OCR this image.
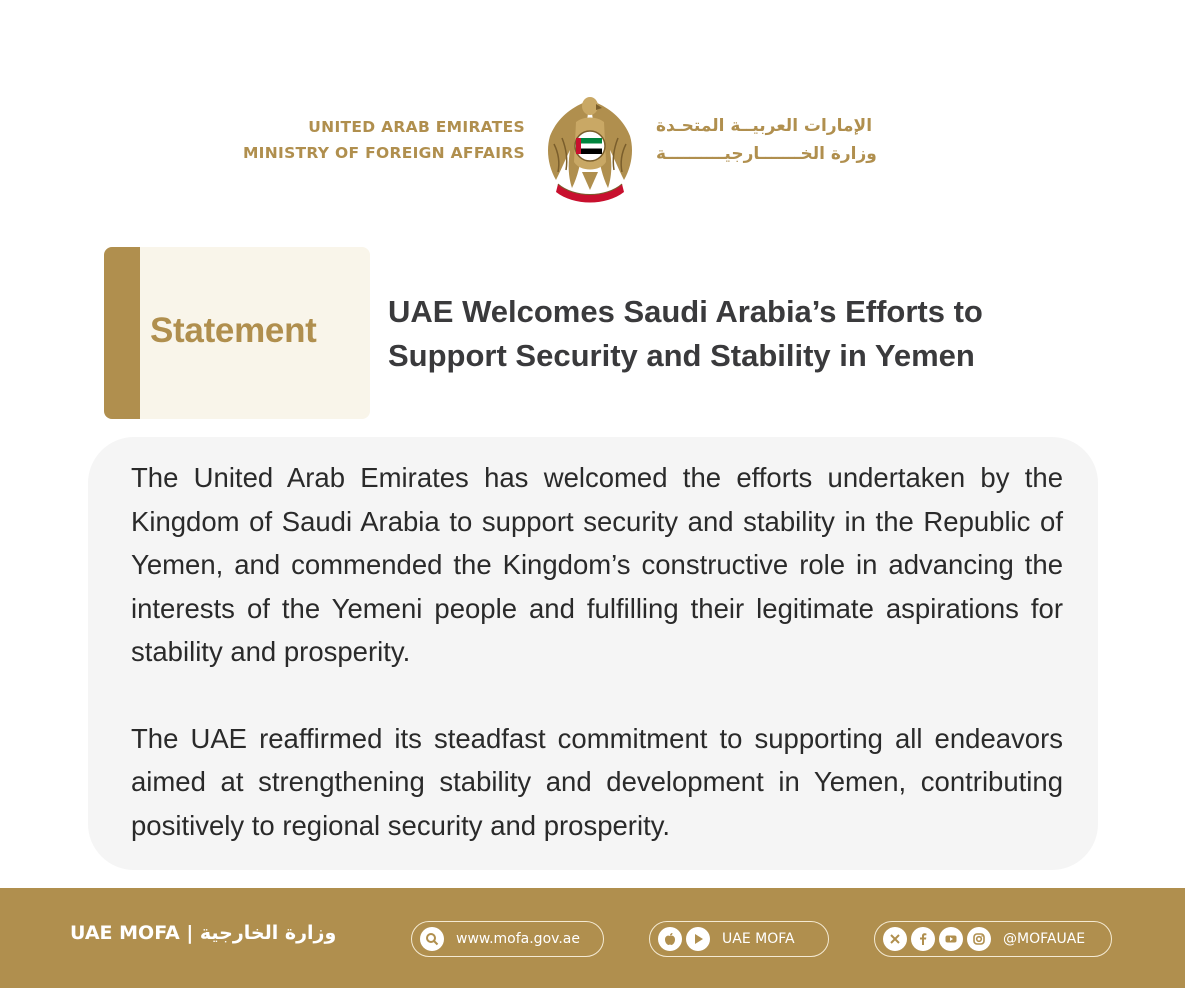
UNITED ARAB EMIRATES
MINISTRY OF FOREIGN AFFAIRS
الإمارات العربيــة المتحـدة
وزارة الخـــــــارجيــــــــــة
Statement UAE Welcomes Saudi Arabia’s Efforts to Support Security and Stability in Yemen

The United Arab Emirates has welcomed the efforts undertaken by the Kingdom of Saudi Arabia to support security and stability in the Republic of Yemen, and commended the Kingdom’s constructive role in advancing the interests of the Yemeni people and fulfilling their legitimate aspirations for stability and prosperity.

The UAE reaffirmed its steadfast commitment to supporting all endeavors aimed at strengthening stability and development in Yemen, contributing positively to regional security and prosperity.

UAE MOFA | وزارة الخارجية	www.mofa.gov.ae	UAE MOFA	@MOFAUAE
